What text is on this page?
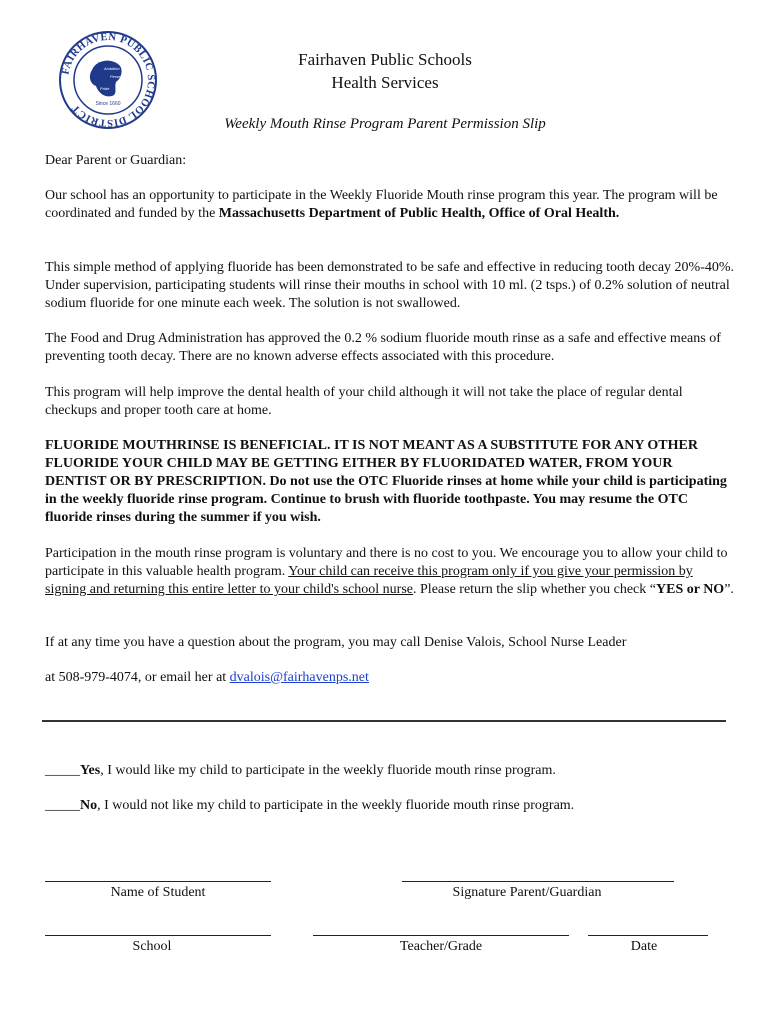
FAIRHAVEN PUBLIC SCHOOL DISTRICT
Integrity
Ambition
Perseverance
Pride
Since 1660
Fairhaven Public Schools
Health Services
Weekly Mouth Rinse Program Parent Permission Slip
Dear Parent or Guardian:
Our school has an opportunity to participate in the Weekly Fluoride Mouth rinse program this year. The program will be coordinated and funded by the Massachusetts Department of Public Health, Office of Oral Health.
This simple method of applying fluoride has been demonstrated to be safe and effective in reducing tooth decay 20%-40%. Under supervision, participating students will rinse their mouths in school with 10 ml. (2 tsps.) of 0.2% solution of neutral sodium fluoride for one minute each week. The solution is not swallowed.
The Food and Drug Administration has approved the 0.2 % sodium fluoride mouth rinse as a safe and effective means of preventing tooth decay. There are no known adverse effects associated with this procedure.
This program will help improve the dental health of your child although it will not take the place of regular dental checkups and proper tooth care at home.
FLUORIDE MOUTHRINSE IS BENEFICIAL. IT IS NOT MEANT AS A SUBSTITUTE FOR ANY OTHER FLUORIDE YOUR CHILD MAY BE GETTING EITHER BY FLUORIDATED WATER, FROM YOUR DENTIST OR BY PRESCRIPTION. Do not use the OTC Fluoride rinses at home while your child is participating in the weekly fluoride rinse program. Continue to brush with fluoride toothpaste. You may resume the OTC fluoride rinses during the summer if you wish.
Participation in the mouth rinse program is voluntary and there is no cost to you. We encourage you to allow your child to participate in this valuable health program. Your child can receive this program only if you give your permission by signing and returning this entire letter to your child's school nurse. Please return the slip whether you check “YES or NO”.
If at any time you have a question about the program, you may call Denise Valois, School Nurse Leader
at 508-979-4074, or email her at dvalois@fairhavenps.net
_____Yes, I would like my child to participate in the weekly fluoride mouth rinse program.
_____No, I would not like my child to participate in the weekly fluoride mouth rinse program.
Name of Student	Signature Parent/Guardian
School	Teacher/Grade	Date
